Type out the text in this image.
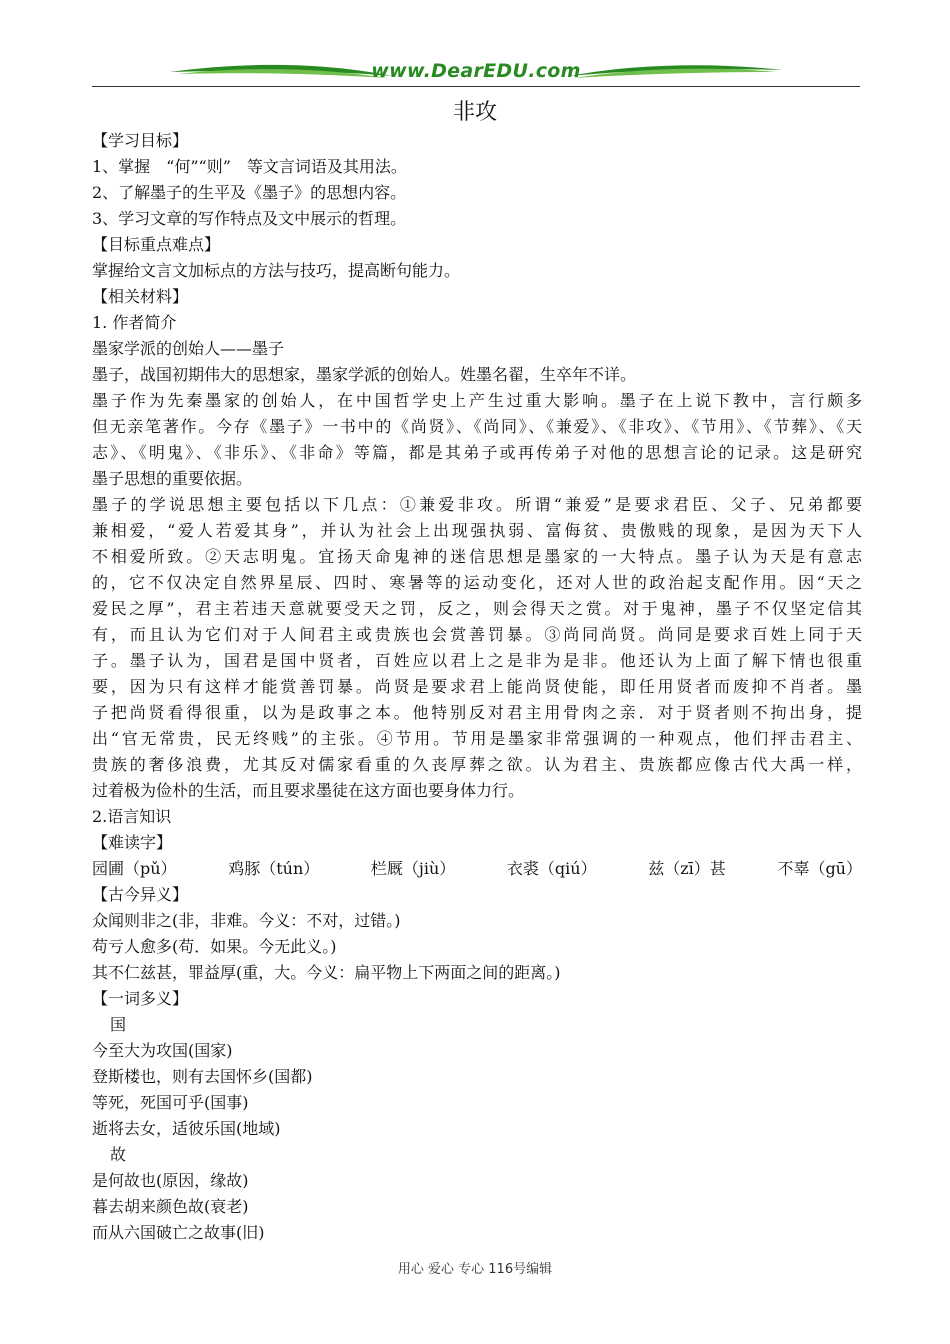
www.DearEDU.com
非攻
【学习目标】
1、掌握　“何”“则”　等文言词语及其用法。
2、了解墨子的生平及《墨子》的思想内容。
3、学习文章的写作特点及文中展示的哲理。
【目标重点难点】
掌握给文言文加标点的方法与技巧，提高断句能力。
【相关材料】
1. 作者简介
墨家学派的创始人——墨子
墨子，战国初期伟大的思想家，墨家学派的创始人。姓墨名翟，生卒年不详。
墨子作为先秦墨家的创始人，在中国哲学史上产生过重大影响。墨子在上说下教中，言行颇多
但无亲笔著作。今存《墨子》一书中的《尚贤》、《尚同》、《兼爱》、《非攻》、《节用》、《节葬》、《天
志》、《明鬼》、《非乐》、《非命》等篇，都是其弟子或再传弟子对他的思想言论的记录。这是研究
墨子思想的重要依据。
墨子的学说思想主要包括以下几点：①兼爱非攻。所谓“兼爱”是要求君臣、父子、兄弟都要
兼相爱，“爱人若爱其身”，并认为社会上出现强执弱、富侮贫、贵傲贱的现象，是因为天下人
不相爱所致。②天志明鬼。宜扬天命鬼神的迷信思想是墨家的一大特点。墨子认为天是有意志
的，它不仅决定自然界星辰、四时、寒暑等的运动变化，还对人世的政治起支配作用。因“天之
爱民之厚”，君主若违天意就要受天之罚，反之，则会得天之赏。对于鬼神，墨子不仅坚定信其
有，而且认为它们对于人间君主或贵族也会赏善罚暴。③尚同尚贤。尚同是要求百姓上同于天
子。墨子认为，国君是国中贤者，百姓应以君上之是非为是非。他还认为上面了解下情也很重
要，因为只有这样才能赏善罚暴。尚贤是要求君上能尚贤使能，即任用贤者而废抑不肖者。墨
子把尚贤看得很重，以为是政事之本。他特别反对君主用骨肉之亲．对于贤者则不拘出身，提
出“官无常贵，民无终贱”的主张。④节用。节用是墨家非常强调的一种观点，他们抨击君主、
贵族的奢侈浪费，尤其反对儒家看重的久丧厚葬之欲。认为君主、贵族都应像古代大禹一样，
过着极为俭朴的生活，而且要求墨徒在这方面也要身体力行。
2.语言知识
【难读字】
园圃（pǔ）	鸡豚（tún）	栏厩（jiù）	衣裘（qiú）	兹（zī）甚	不辜（gū）
【古今异义】
众闻则非之(非，非难。今义：不对，过错。)
苟亏人愈多(苟．如果。今无此义。)
其不仁兹甚，罪益厚(重，大。今义：扁平物上下两面之间的距离。)
【一词多义】
国
今至大为攻国(国家)
登斯楼也，则有去国怀乡(国都)
等死，死国可乎(国事)
逝将去女，适彼乐国(地域)
故
是何故也(原因，缘故)
暮去胡来颜色故(衰老)
而从六国破亡之故事(旧)
用心 爱心 专心 116号编辑
